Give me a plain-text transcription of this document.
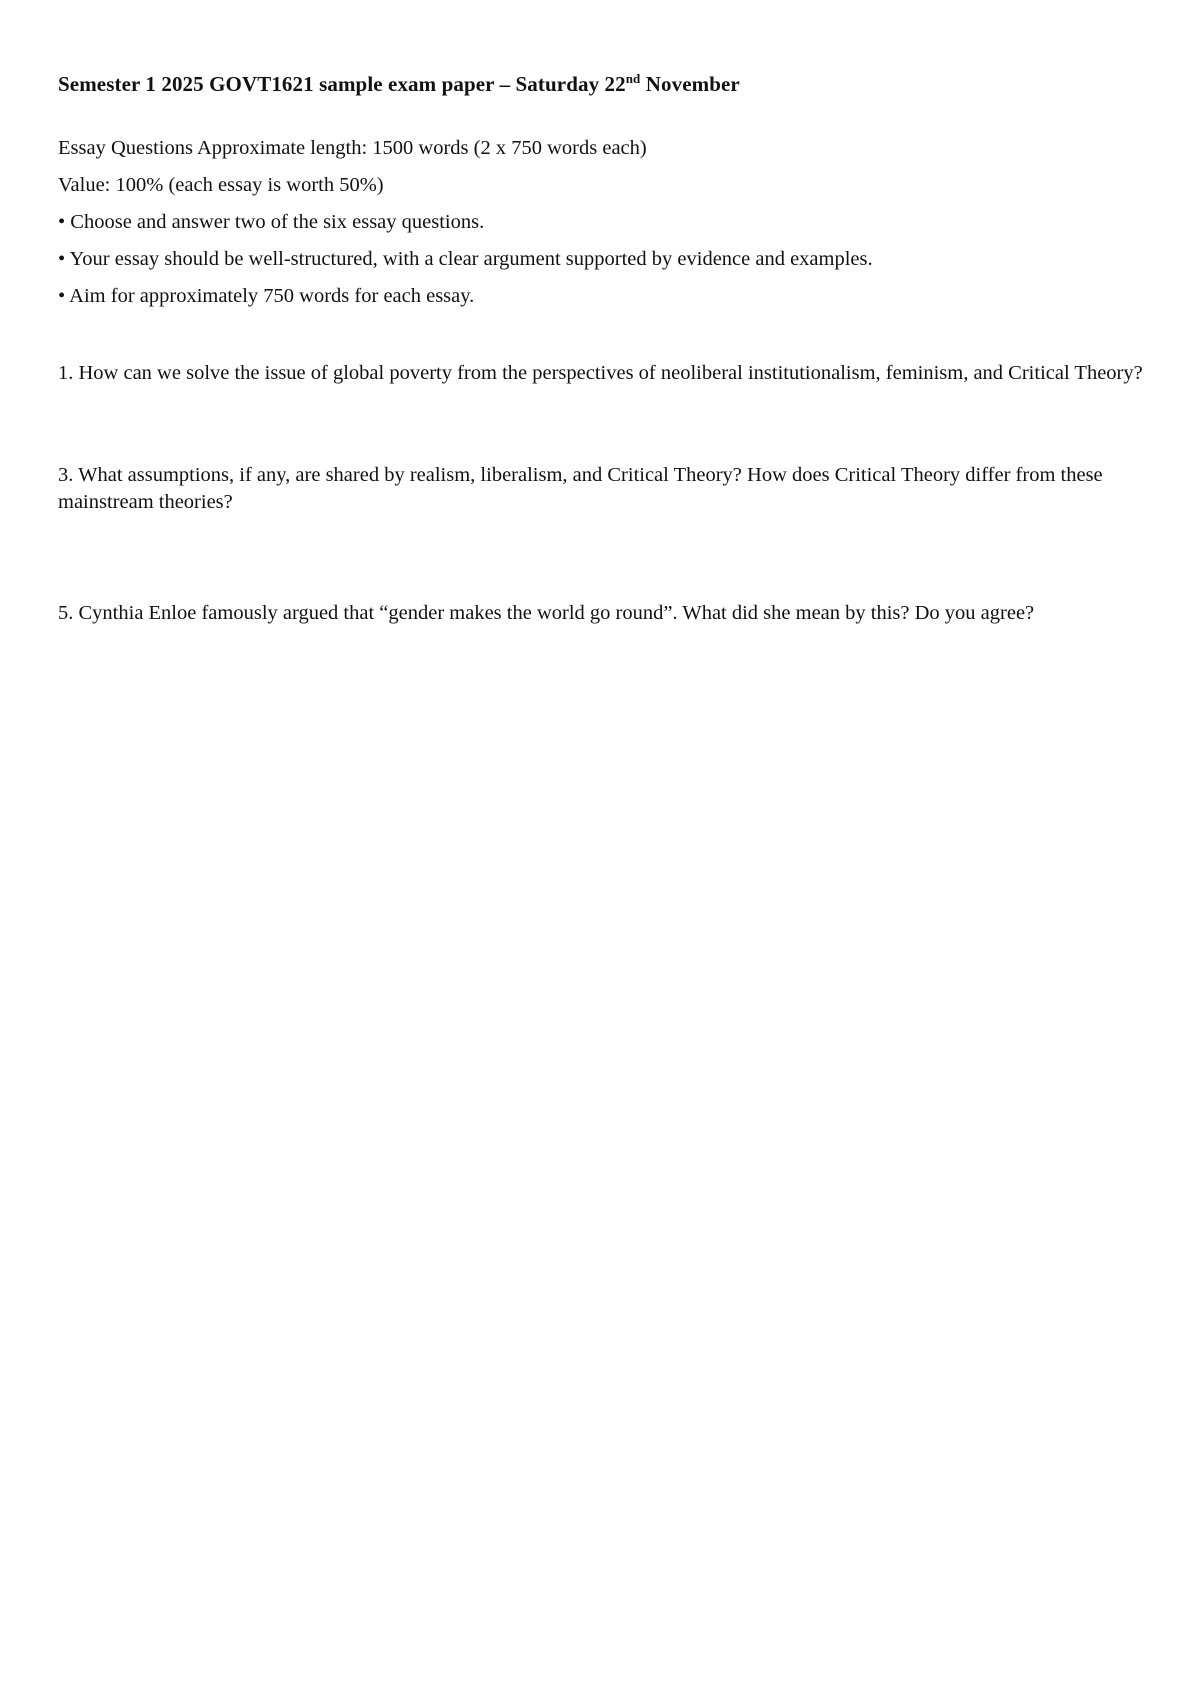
Semester 1 2025 GOVT1621 sample exam paper – Saturday 22nd November
Essay Questions Approximate length: 1500 words (2 x 750 words each)
Value: 100% (each essay is worth 50%)
• Choose and answer two of the six essay questions.
• Your essay should be well-structured, with a clear argument supported by evidence and examples.
• Aim for approximately 750 words for each essay.
1. How can we solve the issue of global poverty from the perspectives of neoliberal institutionalism, feminism, and Critical Theory?
3. What assumptions, if any, are shared by realism, liberalism, and Critical Theory? How does Critical Theory differ from these mainstream theories?
5. Cynthia Enloe famously argued that “gender makes the world go round”. What did she mean by this? Do you agree?
